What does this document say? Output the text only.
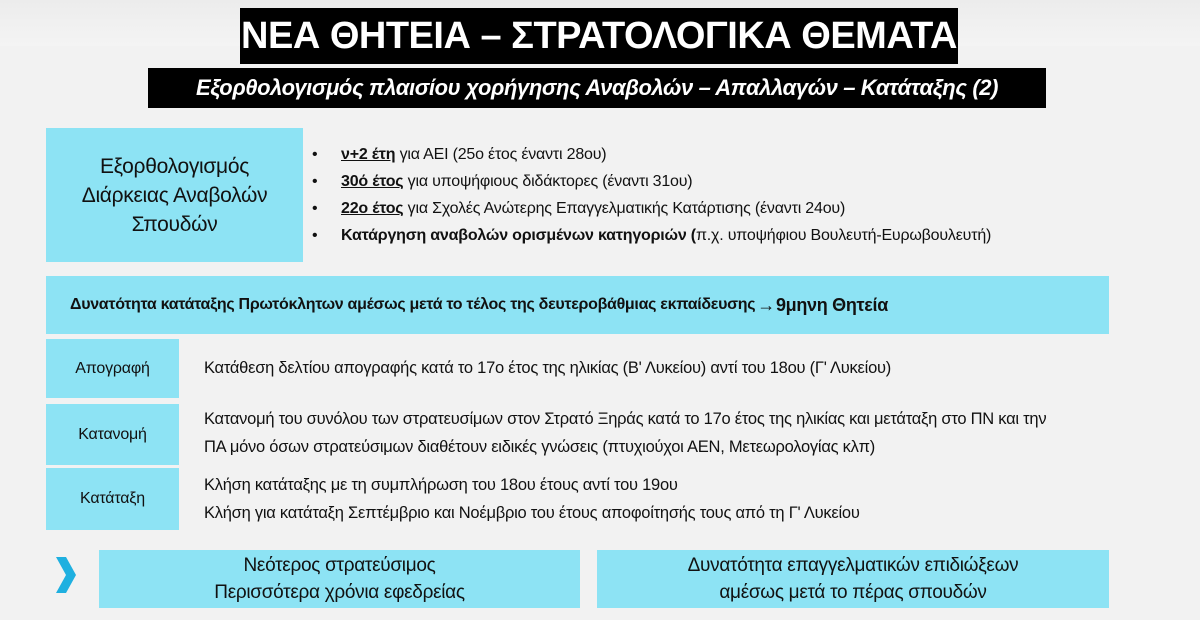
ΝΕΑ ΘΗΤΕΙΑ – ΣΤΡΑΤΟΛΟΓΙΚΑ ΘΕΜΑΤΑ
Εξορθολογισμός πλαισίου χορήγησης Αναβολών – Απαλλαγών – Κατάταξης (2)
Εξορθολογισμός
Διάρκειας Αναβολών
Σπουδών
• ν+2 έτη για ΑΕΙ (25ο έτος έναντι 28ου)
• 30ό έτος για υποψήφιους διδάκτορες (έναντι 31ου)
• 22ο έτος για Σχολές Ανώτερης Επαγγελματικής Κατάρτισης (έναντι 24ου)
• Κατάργηση αναβολών ορισμένων κατηγοριών (π.χ. υποψήφιου Βουλευτή-Ευρωβουλευτή)
Δυνατότητα κατάταξης Πρωτόκλητων αμέσως μετά το τέλος της δευτεροβάθμιας εκπαίδευσης → 9μηνη Θητεία
Απογραφή	Κατάθεση δελτίου απογραφής κατά το 17ο έτος της ηλικίας (Β' Λυκείου) αντί του 18ου (Γ' Λυκείου)
Κατανομή
Κατανομή του συνόλου των στρατευσίμων στον Στρατό Ξηράς κατά το 17ο έτος της ηλικίας και μετάταξη στο ΠΝ και την
ΠΑ μόνο όσων στρατεύσιμων διαθέτουν ειδικές γνώσεις (πτυχιούχοι ΑΕΝ, Μετεωρολογίας κλπ)
Κατάταξη
Κλήση κατάταξης με τη συμπλήρωση του 18ου έτους αντί του 19ου
Κλήση για κατάταξη Σεπτέμβριο και Νοέμβριο του έτους αποφοίτησής τους από τη Γ' Λυκείου
Νεότερος στρατεύσιμος
Περισσότερα χρόνια εφεδρείας
Δυνατότητα επαγγελματικών επιδιώξεων
αμέσως μετά το πέρας σπουδών
